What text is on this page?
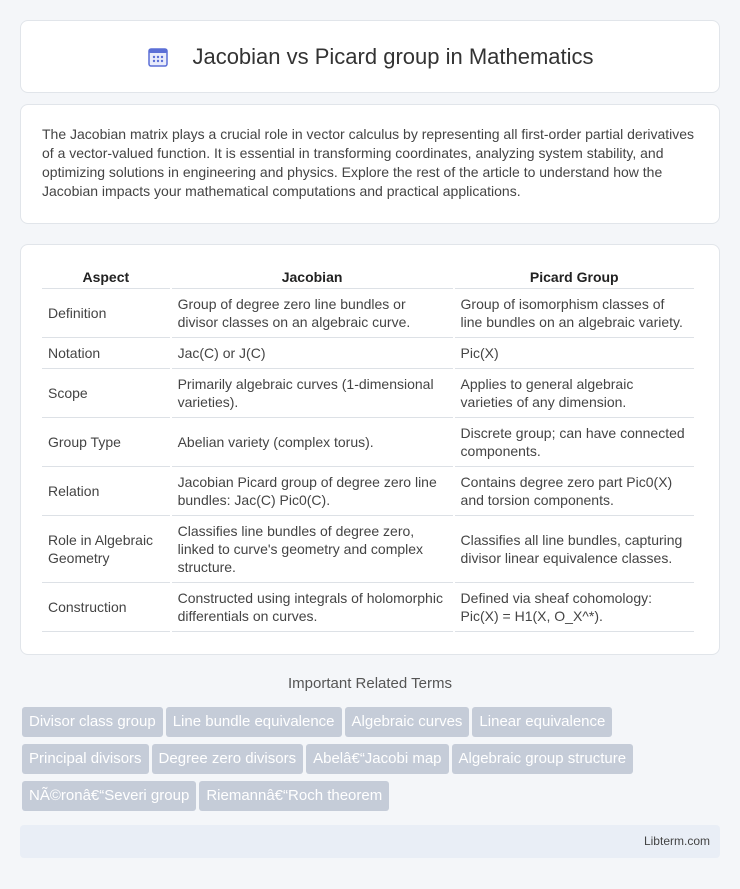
Jacobian vs Picard group in Mathematics

The Jacobian matrix plays a crucial role in vector calculus by representing all first-order partial derivatives of a vector-valued function. It is essential in transforming coordinates, analyzing system stability, and optimizing solutions in engineering and physics. Explore the rest of the article to understand how the Jacobian impacts your mathematical computations and practical applications.

Aspect	Jacobian	Picard Group
Definition	Group of degree zero line bundles or divisor classes on an algebraic curve.	Group of isomorphism classes of line bundles on an algebraic variety.
Notation	Jac(C) or J(C)	Pic(X)
Scope	Primarily algebraic curves (1-dimensional varieties).	Applies to general algebraic varieties of any dimension.
Group Type	Abelian variety (complex torus).	Discrete group; can have connected components.
Relation	Jacobian Picard group of degree zero line bundles: Jac(C) Pic0(C).	Contains degree zero part Pic0(X) and torsion components.
Role in Algebraic Geometry	Classifies line bundles of degree zero, linked to curve's geometry and complex structure.	Classifies all line bundles, capturing divisor linear equivalence classes.
Construction	Constructed using integrals of holomorphic differentials on curves.	Defined via sheaf cohomology: Pic(X) = H1(X, O_X^*).
Important Related Terms
Divisor class group Line bundle equivalence Algebraic curves Linear equivalence
Principal divisors Degree zero divisors Abelâ€“Jacobi map Algebraic group structure
NÃ©ronâ€“Severi group Riemannâ€“Roch theorem
Libterm.com
